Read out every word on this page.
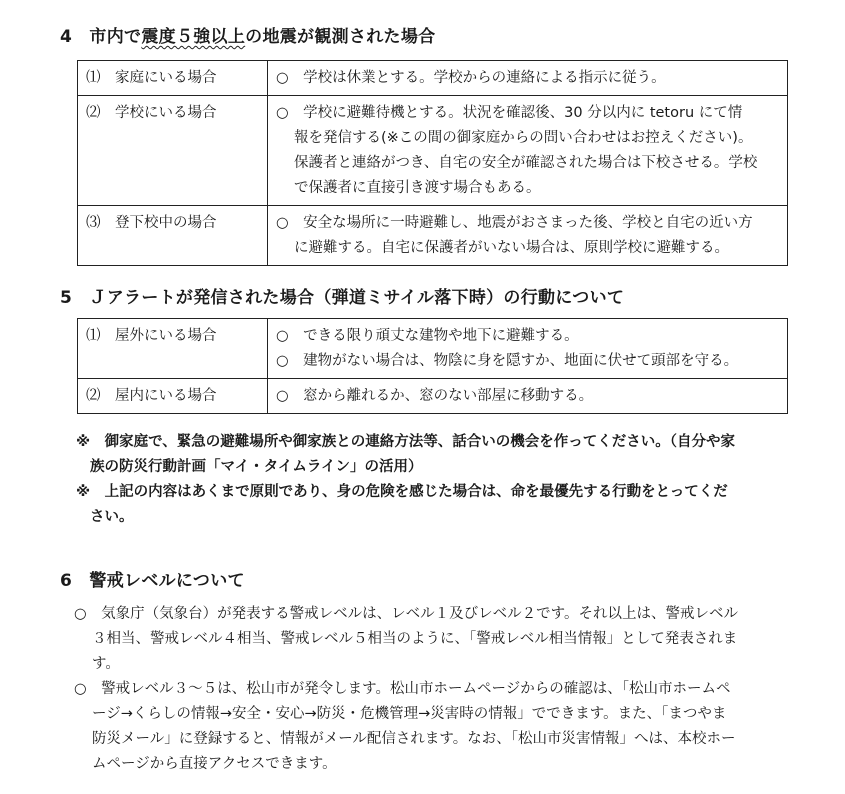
4　市内で震度５強以上の地震が観測された場合
⑴　家庭にいる場合	○　学校は休業とする。学校からの連絡による指示に従う。

⑵　学校にいる場合	○　学校に避難待機とする。状況を確認後、30 分以内に tetoru にて情
報を発信する(※この間の御家庭からの問い合わせはお控えください)。
保護者と連絡がつき、自宅の安全が確認された場合は下校させる。学校
で保護者に直接引き渡す場合もある。

⑶　登下校中の場合	○　安全な場所に一時避難し、地震がおさまった後、学校と自宅の近い方
に避難する。自宅に保護者がいない場合は、原則学校に避難する。
5　Ｊアラートが発信された場合（弾道ミサイル落下時）の行動について
⑴　屋外にいる場合	○　できる限り頑丈な建物や地下に避難する。
○　建物がない場合は、物陰に身を隠すか、地面に伏せて頭部を守る。

⑵　屋内にいる場合	○　窓から離れるか、窓のない部屋に移動する。
※　御家庭で、緊急の避難場所や御家族との連絡方法等、話合いの機会を作ってください。（自分や家
族の防災行動計画「マイ・タイムライン」の活用）
※　上記の内容はあくまで原則であり、身の危険を感じた場合は、命を最優先する行動をとってくだ
さい。
6　警戒レベルについて
○　気象庁（気象台）が発表する警戒レベルは、レベル１及びレベル２です。それ以上は、警戒レベル
３相当、警戒レベル４相当、警戒レベル５相当のように、「警戒レベル相当情報」として発表されま
す。
○　警戒レベル３～５は、松山市が発令します。松山市ホームページからの確認は、「松山市ホームペ
ージ→くらしの情報→安全・安心→防災・危機管理→災害時の情報」でできます。また、「まつやま
防災メール」に登録すると、情報がメール配信されます。なお、「松山市災害情報」へは、本校ホー
ムページから直接アクセスできます。
